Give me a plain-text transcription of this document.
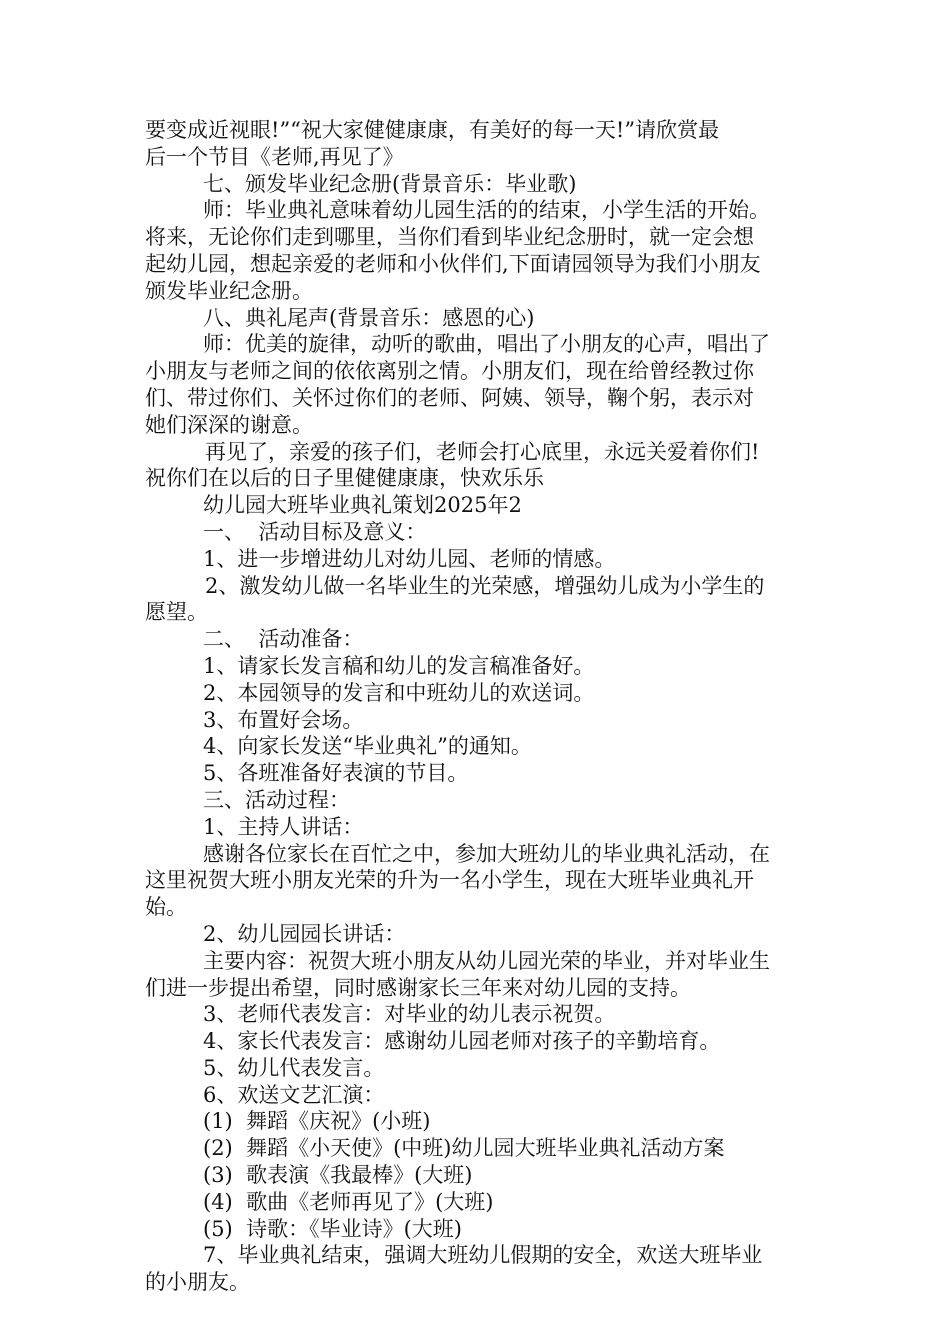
要变成近视眼!”“祝大家健健康康，有美好的每一天!”请欣赏最
后一个节目《老师,再见了》
七、颁发毕业纪念册(背景音乐：毕业歌)
师：毕业典礼意味着幼儿园生活的的结束，小学生活的开始。
将来，无论你们走到哪里，当你们看到毕业纪念册时，就一定会想
起幼儿园，想起亲爱的老师和小伙伴们,下面请园领导为我们小朋友
颁发毕业纪念册。
八、典礼尾声(背景音乐：感恩的心)
师：优美的旋律，动听的歌曲，唱出了小朋友的心声，唱出了
小朋友与老师之间的依依离别之情。小朋友们，现在给曾经教过你
们、带过你们、关怀过你们的老师、阿姨、领导，鞠个躬，表示对
她们深深的谢意。
再见了，亲爱的孩子们，老师会打心底里，永远关爱着你们!
祝你们在以后的日子里健健康康，快欢乐乐
幼儿园大班毕业典礼策划2025年2
一、  活动目标及意义：
1、进一步增进幼儿对幼儿园、老师的情感。
2、激发幼儿做一名毕业生的光荣感，增强幼儿成为小学生的
愿望。
二、  活动准备：
1、请家长发言稿和幼儿的发言稿准备好。
2、本园领导的发言和中班幼儿的欢送词。
3、布置好会场。
4、向家长发送“毕业典礼”的通知。
5、各班准备好表演的节目。
三、活动过程：
1、主持人讲话：
感谢各位家长在百忙之中，参加大班幼儿的毕业典礼活动，在
这里祝贺大班小朋友光荣的升为一名小学生，现在大班毕业典礼开
始。
2、幼儿园园长讲话：
主要内容：祝贺大班小朋友从幼儿园光荣的毕业，并对毕业生
们进一步提出希望，同时感谢家长三年来对幼儿园的支持。
3、老师代表发言：对毕业的幼儿表示祝贺。
4、家长代表发言：感谢幼儿园老师对孩子的辛勤培育。
5、幼儿代表发言。
6、欢送文艺汇演：
(1)  舞蹈《庆祝》(小班)
(2)  舞蹈《小天使》(中班)幼儿园大班毕业典礼活动方案
(3)  歌表演《我最棒》(大班)
(4)  歌曲《老师再见了》(大班)
(5)  诗歌：《毕业诗》(大班)
7、毕业典礼结束，强调大班幼儿假期的安全，欢送大班毕业
的小朋友。
